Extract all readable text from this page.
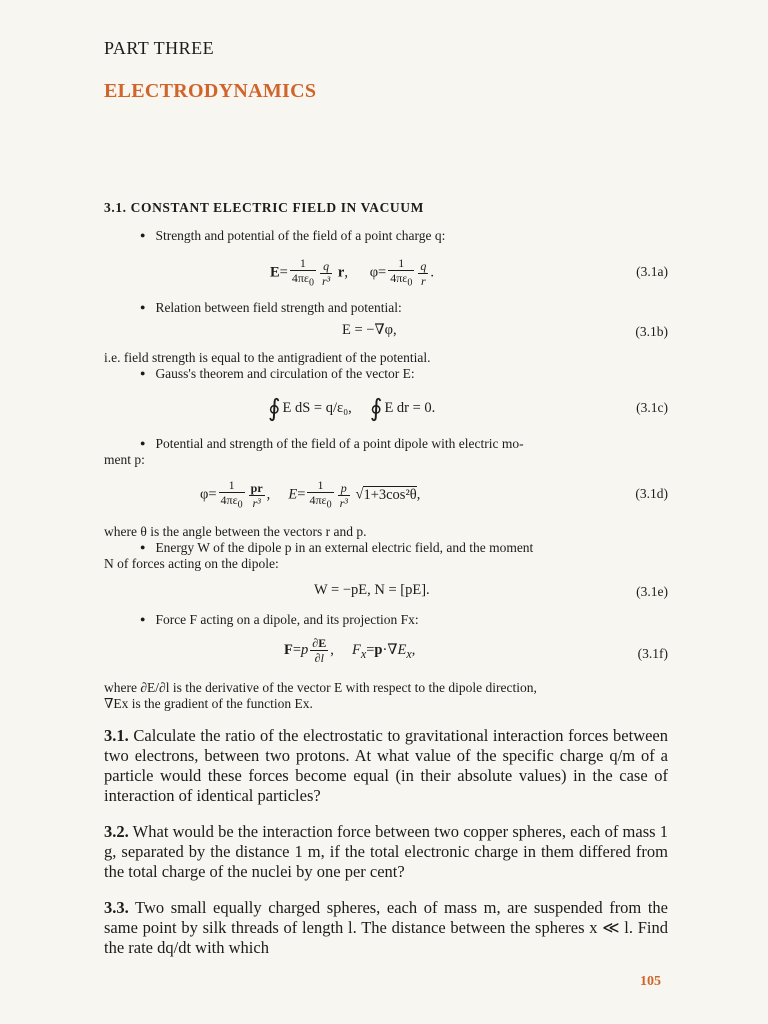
PART THREE
ELECTRODYNAMICS
3.1. CONSTANT ELECTRIC FIELD IN VACUUM
● Strength and potential of the field of a point charge q:
$E= \frac{1}{4\pi\varepsilon_0} \frac{q}{\text{r³}} r$,      $\varphi= \frac{1}{4\pi\varepsilon_0} \frac{q}{r}$ .	(3.1a)
● Relation between field strength and potential:
E = −∇φ,	(3.1b)
i.e. field strength is equal to the antigradient of the potential.
● Gauss's theorem and circulation of the vector E:
∮ E dS = q/ε₀, ∮ E dr = 0.	(3.1c)
● Potential and strength of the field of a point dipole with electric mo-
ment p:
$\varphi= \frac{1}{4\pi\varepsilon_0} \frac{pr}{\text{r³}}$ ,     $E= \frac{1}{4\pi\varepsilon_0} \frac{p}{\text{r³}} √1+3\cos^2\theta$,	(3.1d)
where θ is the angle between the vectors r and p.
● Energy W of the dipole p in an external electric field, and the moment
N of forces acting on the dipole:
W = −pE, N = [pE].	(3.1e)
● Force F acting on a dipole, and its projection Fx:
$F=p \frac{\partial E}{\partial l}$ ,     $F_x=p\cdot\nabla E_x$,	(3.1f)
where ∂E/∂l is the derivative of the vector E with respect to the dipole direction,
∇Ex is the gradient of the function Ex.
3.1. Calculate the ratio of the electrostatic to gravitational interaction forces between two electrons, between two protons. At what value of the specific charge q/m of a particle would these forces become equal (in their absolute values) in the case of interaction of identical particles?
3.2. What would be the interaction force between two copper spheres, each of mass 1 g, separated by the distance 1 m, if the total electronic charge in them differed from the total charge of the nuclei by one per cent?
3.3. Two small equally charged spheres, each of mass m, are suspended from the same point by silk threads of length l. The distance between the spheres x ≪ l. Find the rate dq/dt with which
105
